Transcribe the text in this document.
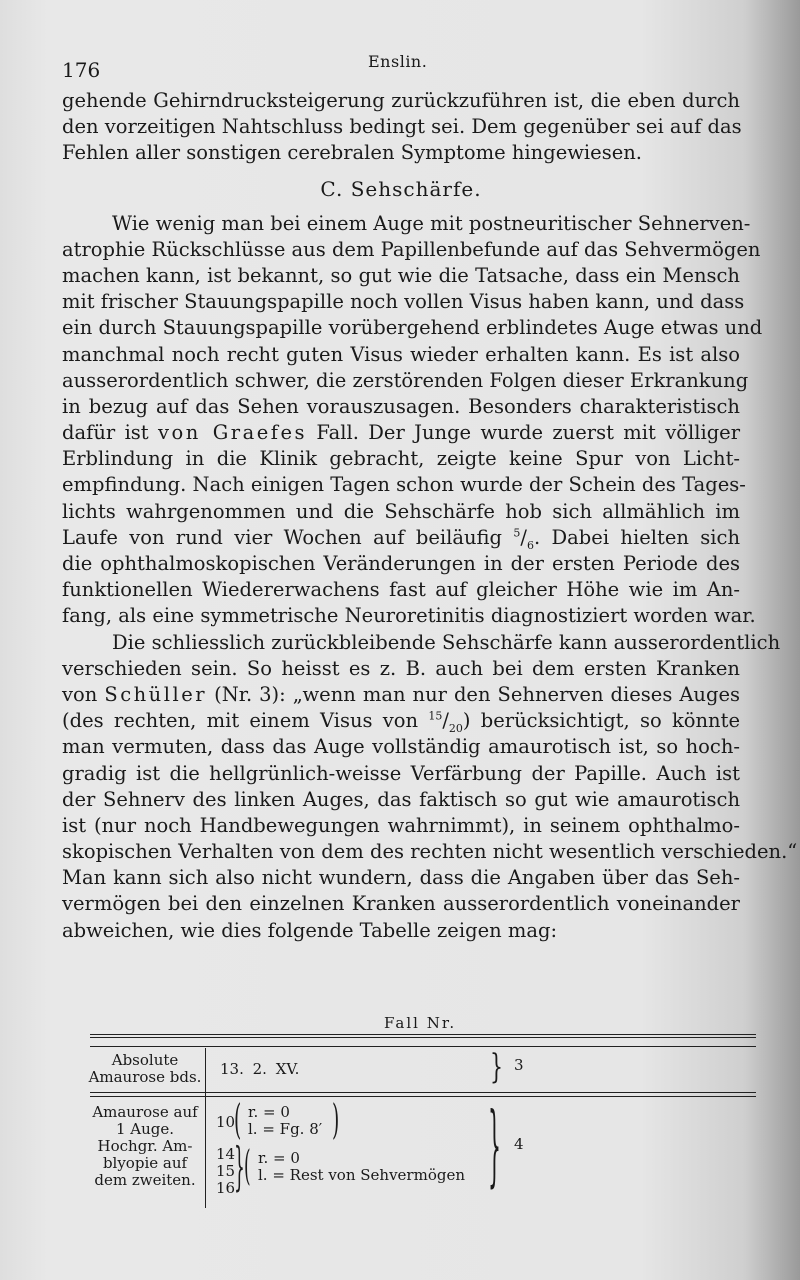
176	Enslin.
gehende Gehirndrucksteigerung zurückzuführen ist, die eben durch
den vorzeitigen Nahtschluss bedingt sei. Dem gegenüber sei auf das
Fehlen aller sonstigen cerebralen Symptome hingewiesen.
C. Sehschärfe.
Wie wenig man bei einem Auge mit postneuritischer Sehnerven-
atrophie Rückschlüsse aus dem Papillenbefunde auf das Sehvermögen
machen kann, ist bekannt, so gut wie die Tatsache, dass ein Mensch
mit frischer Stauungspapille noch vollen Visus haben kann, und dass
ein durch Stauungspapille vorübergehend erblindetes Auge etwas und
manchmal noch recht guten Visus wieder erhalten kann. Es ist also
ausserordentlich schwer, die zerstörenden Folgen dieser Erkrankung
in bezug auf das Sehen vorauszusagen. Besonders charakteristisch
dafür ist von Graefes Fall. Der Junge wurde zuerst mit völliger
Erblindung in die Klinik gebracht, zeigte keine Spur von Licht-
empfindung. Nach einigen Tagen schon wurde der Schein des Tages-
lichts wahrgenommen und die Sehschärfe hob sich allmählich im
Laufe von rund vier Wochen auf beiläufig $^5/_6$. Dabei hielten sich
die ophthalmoskopischen Veränderungen in der ersten Periode des
funktionellen Wiedererwachens fast auf gleicher Höhe wie im An-
fang, als eine symmetrische Neuroretinitis diagnostiziert worden war.
Die schliesslich zurückbleibende Sehschärfe kann ausserordentlich
verschieden sein. So heisst es z. B. auch bei dem ersten Kranken
von Schüller (Nr. 3): „wenn man nur den Sehnerven dieses Auges
(des rechten, mit einem Visus von $^{15}/_{20}$) berücksichtigt, so könnte
man vermuten, dass das Auge vollständig amaurotisch ist, so hoch-
gradig ist die hellgrünlich-weisse Verfärbung der Papille. Auch ist
der Sehnerv des linken Auges, das faktisch so gut wie amaurotisch
ist (nur noch Handbewegungen wahrnimmt), in seinem ophthalmo-
skopischen Verhalten von dem des rechten nicht wesentlich verschieden.“
Man kann sich also nicht wundern, dass die Angaben über das Seh-
vermögen bei den einzelnen Kranken ausserordentlich voneinander
abweichen, wie dies folgende Tabelle zeigen mag:
Fall Nr.
Absolute
Amaurose bds. 13. 2. XV.	} 3
Amaurose auf
1 Auge.
Hochgr. Am-
blyopie auf
dem zweiten.
10
( r. = 0
l. = Fg. 8′ )
14
15
16
} ( r. = 0
l. = Rest von Sehvermögen } 4
